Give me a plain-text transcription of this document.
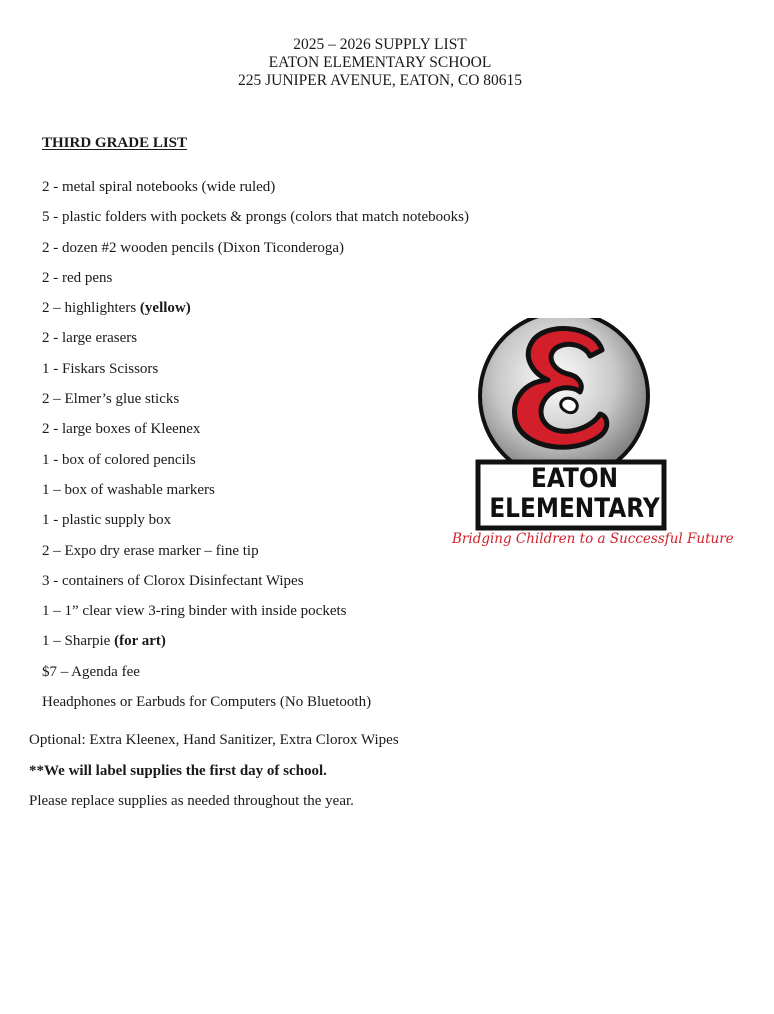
2025 – 2026 SUPPLY LIST
EATON ELEMENTARY SCHOOL
225 JUNIPER AVENUE, EATON, CO 80615
THIRD GRADE LIST
2 - metal spiral notebooks (wide ruled)
5 - plastic folders with pockets & prongs (colors that match notebooks)
2 - dozen #2 wooden pencils (Dixon Ticonderoga)
2 - red pens
2 – highlighters (yellow)
2 - large erasers
1 - Fiskars Scissors
2 – Elmer’s glue sticks
2 - large boxes of Kleenex
1 - box of colored pencils
1 – box of washable markers
1 - plastic supply box
2 – Expo dry erase marker – fine tip
3 - containers of Clorox Disinfectant Wipes
1 – 1” clear view 3-ring binder with inside pockets
1 – Sharpie (for art)
$7 – Agenda fee
Headphones or Earbuds for Computers (No Bluetooth)
Optional: Extra Kleenex, Hand Sanitizer, Extra Clorox Wipes
**We will label supplies the first day of school.
Please replace supplies as needed throughout the year.
EATON
ELEMENTARY
Bridging Children to a Successful Future
